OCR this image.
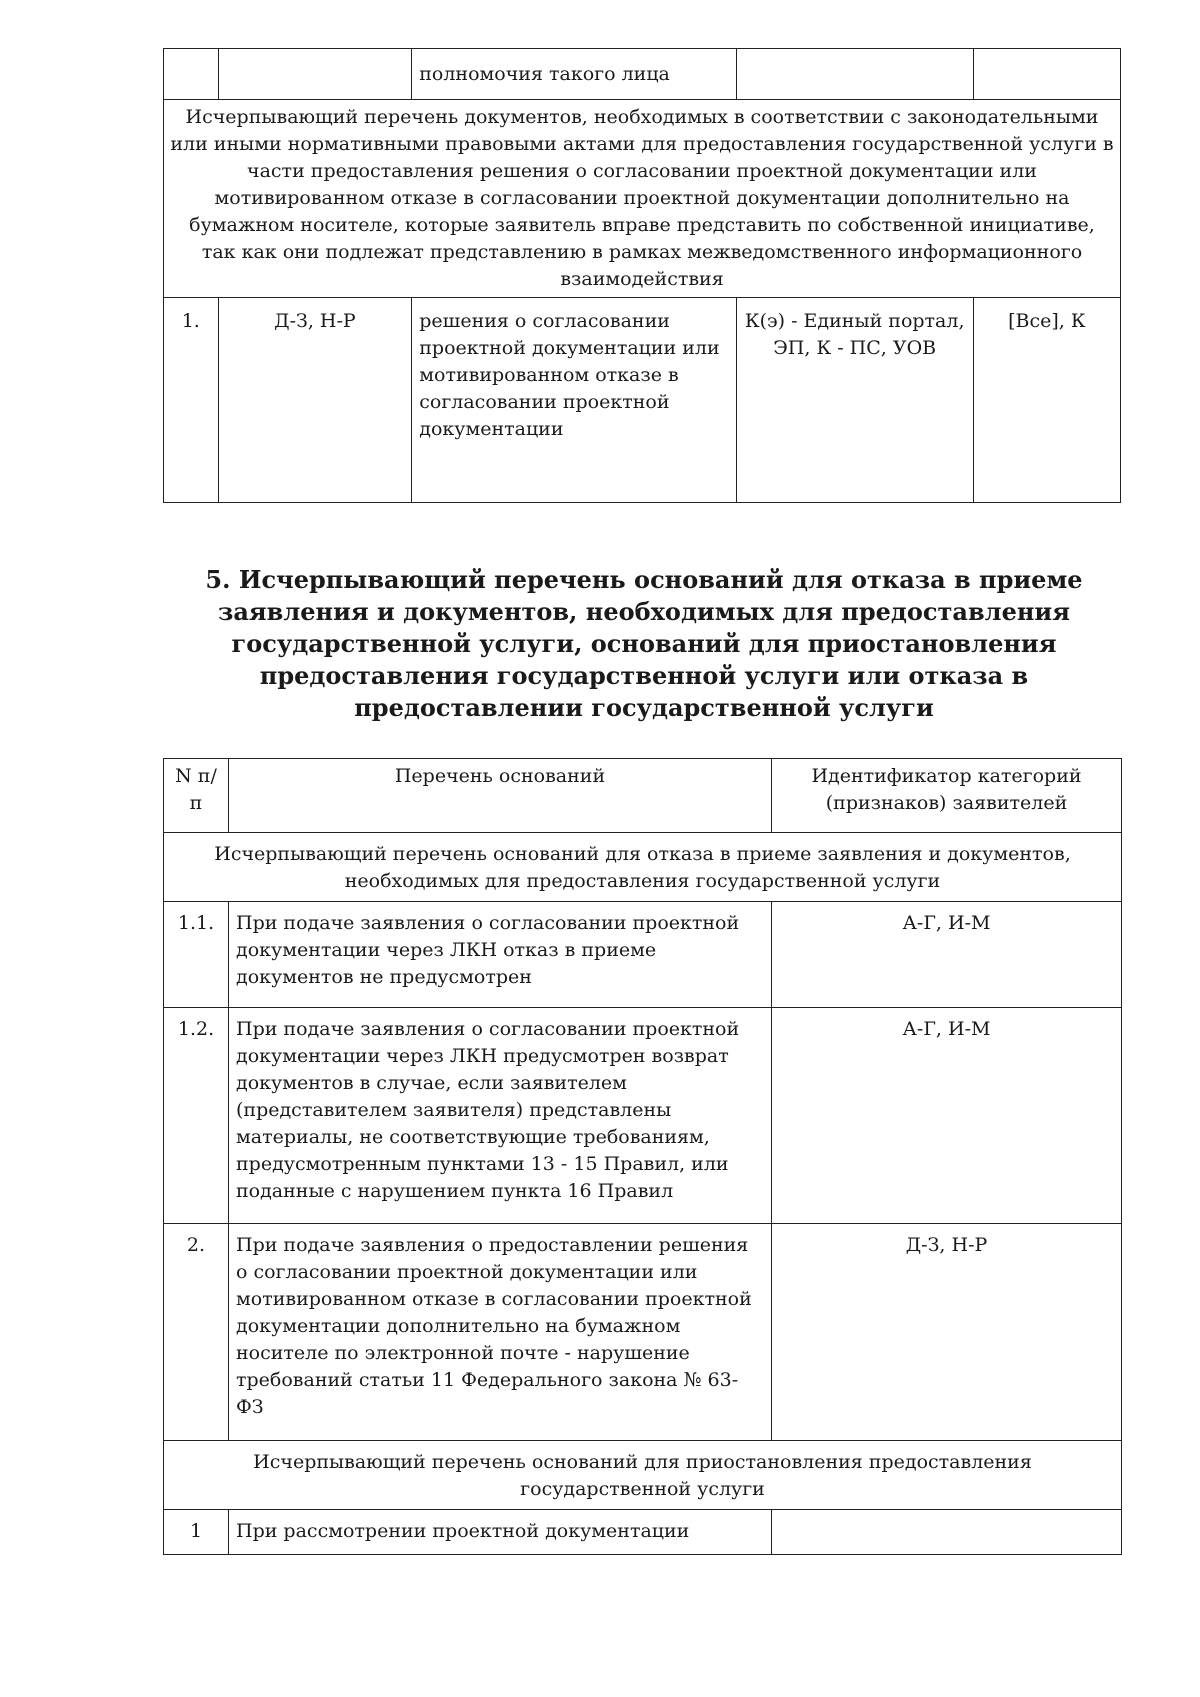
		полномочия такого лица		
Исчерпывающий перечень документов, необходимых в соответствии с законодательными или иными нормативными правовыми актами для предоставления государственной услуги в части предоставления решения о согласовании проектной документации или мотивированном отказе в согласовании проектной документации дополнительно на бумажном носителе, которые заявитель вправе представить по собственной инициативе, так как они подлежат представлению в рамках межведомственного информационного взаимодействия				
1.	Д-З, Н-Р	решения о согласовании проектной документации или мотивированном отказе в согласовании проектной документации	К(э) - Единый портал, ЭП, К - ПС, УОВ	[Все], К
5. Исчерпывающий перечень оснований для отказа в приеме заявления и документов, необходимых для предоставления государственной услуги, оснований для приостановления предоставления государственной услуги или отказа в предоставлении государственной услуги
N п/п	Перечень оснований	Идентификатор категорий (признаков) заявителей
Исчерпывающий перечень оснований для отказа в приеме заявления и документов, необходимых для предоставления государственной услуги		
1.1.	При подаче заявления о согласовании проектной документации через ЛКН отказ в приеме документов не предусмотрен	А-Г, И-М
1.2.	При подаче заявления о согласовании проектной документации через ЛКН предусмотрен возврат документов в случае, если заявителем (представителем заявителя) представлены материалы, не соответствующие требованиям, предусмотренным пунктами 13 - 15 Правил, или поданные с нарушением пункта 16 Правил	А-Г, И-М
2.	При подаче заявления о предоставлении решения о согласовании проектной документации или мотивированном отказе в согласовании проектной документации дополнительно на бумажном носителе по электронной почте - нарушение требований статьи 11 Федерального закона № 63-ФЗ	Д-З, Н-Р
Исчерпывающий перечень оснований для приостановления предоставления государственной услуги		
1	При рассмотрении проектной документации	
